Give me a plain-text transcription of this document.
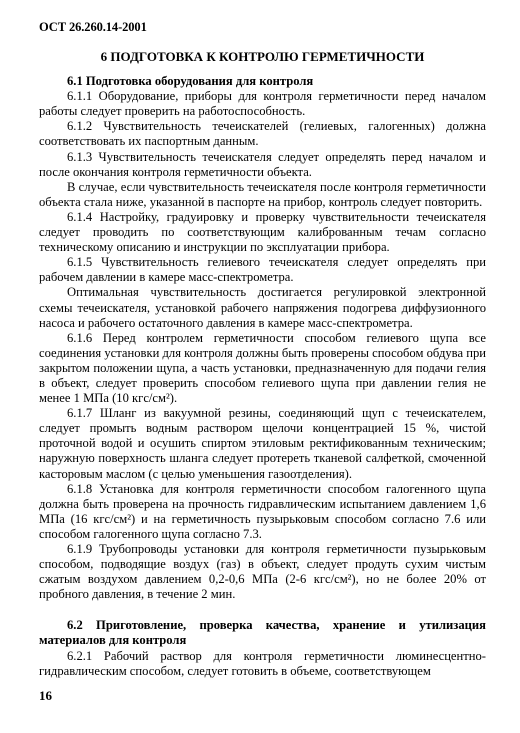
ОСТ 26.260.14-2001
6 ПОДГОТОВКА К КОНТРОЛЮ ГЕРМЕТИЧНОСТИ

6.1 Подготовка оборудования для контроля

6.1.1 Оборудование, приборы для контроля герметичности перед началом работы следует проверить на работоспособность.

6.1.2 Чувствительность течеискателей (гелиевых, галогенных) должна соответствовать их паспортным данным.

6.1.3 Чувствительность течеискателя следует определять перед началом и после окончания контроля герметичности объекта.

В случае, если чувствительность течеискателя после контроля герметичности объекта стала ниже, указанной в паспорте на прибор, контроль следует повторить.

6.1.4 Настройку, градуировку и проверку чувствительности течеискателя следует проводить по соответствующим калиброванным течам согласно техническому описанию и инструкции по эксплуатации прибора.

6.1.5 Чувствительность гелиевого течеискателя следует определять при рабочем давлении в камере масс-спектрометра.

Оптимальная чувствительность достигается регулировкой электронной схемы течеискателя, установкой рабочего напряжения подогрева диффузионного насоса и рабочего остаточного давления в камере масс-спектрометра.

6.1.6 Перед контролем герметичности способом гелиевого щупа все соединения установки для контроля должны быть проверены способом обдува при закрытом положении щупа, а часть установки, предназначенную для подачи гелия в объект, следует проверить способом гелиевого щупа при давлении гелия не менее 1 МПа (10 кгс/см²).

6.1.7 Шланг из вакуумной резины, соединяющий щуп с течеискателем, следует промыть водным раствором щелочи концентрацией 15 %, чистой проточной водой и осушить спиртом этиловым ректификованным техническим; наружную поверхность шланга следует протереть тканевой салфеткой, смоченной касторовым маслом (с целью уменьшения газоотделения).

6.1.8 Установка для контроля герметичности способом галогенного щупа должна быть проверена на прочность гидравлическим испытанием давлением 1,6 МПа (16 кгс/см²) и на герметичность пузырьковым способом согласно 7.6 или способом галогенного щупа согласно 7.3.

6.1.9 Трубопроводы установки для контроля герметичности пузырьковым способом, подводящие воздух (газ) в объект, следует продуть сухим чистым сжатым воздухом давлением 0,2-0,6 МПа (2-6 кгс/см²), но не более 20% от пробного давления, в течение 2 мин.

6.2 Приготовление, проверка качества, хранение и утилизация материалов для контроля

6.2.1 Рабочий раствор для контроля герметичности люминесцентно-гидравлическим способом, следует готовить в объеме, соответствующем

16
